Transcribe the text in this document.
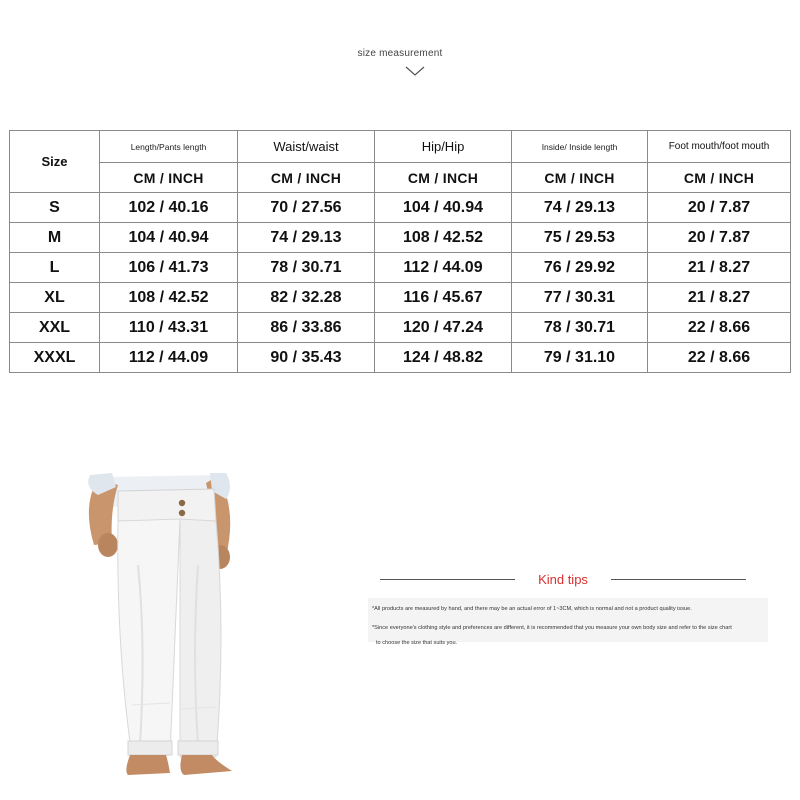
size measurement
Size	Length/Pants length	Waist/waist	Hip/Hip	Inside/ Inside length	Foot mouth/foot mouth
	CM / INCH	CM / INCH	CM / INCH	CM / INCH	CM / INCH
S	102 / 40.16	70 / 27.56	104 / 40.94	74 / 29.13	20 / 7.87
M	104 / 40.94	74 / 29.13	108 / 42.52	75 / 29.53	20 / 7.87
L	106 / 41.73	78 / 30.71	112 / 44.09	76 / 29.92	21 / 8.27
XL	108 / 42.52	82 / 32.28	116 / 45.67	77 / 30.31	21 / 8.27
XXL	110 / 43.31	86 / 33.86	120 / 47.24	78 / 30.71	22 / 8.66
XXXL	112 / 44.09	90 / 35.43	124 / 48.82	79 / 31.10	22 / 8.66
Kind tips
*All products are measured by hand, and there may be an actual error of 1~3CM, which is normal and not a product quality issue.
*Since everyone's clothing style and preferences are different, it is recommended that you measure your own body size and refer to the size chart
to choose the size that suits you.
